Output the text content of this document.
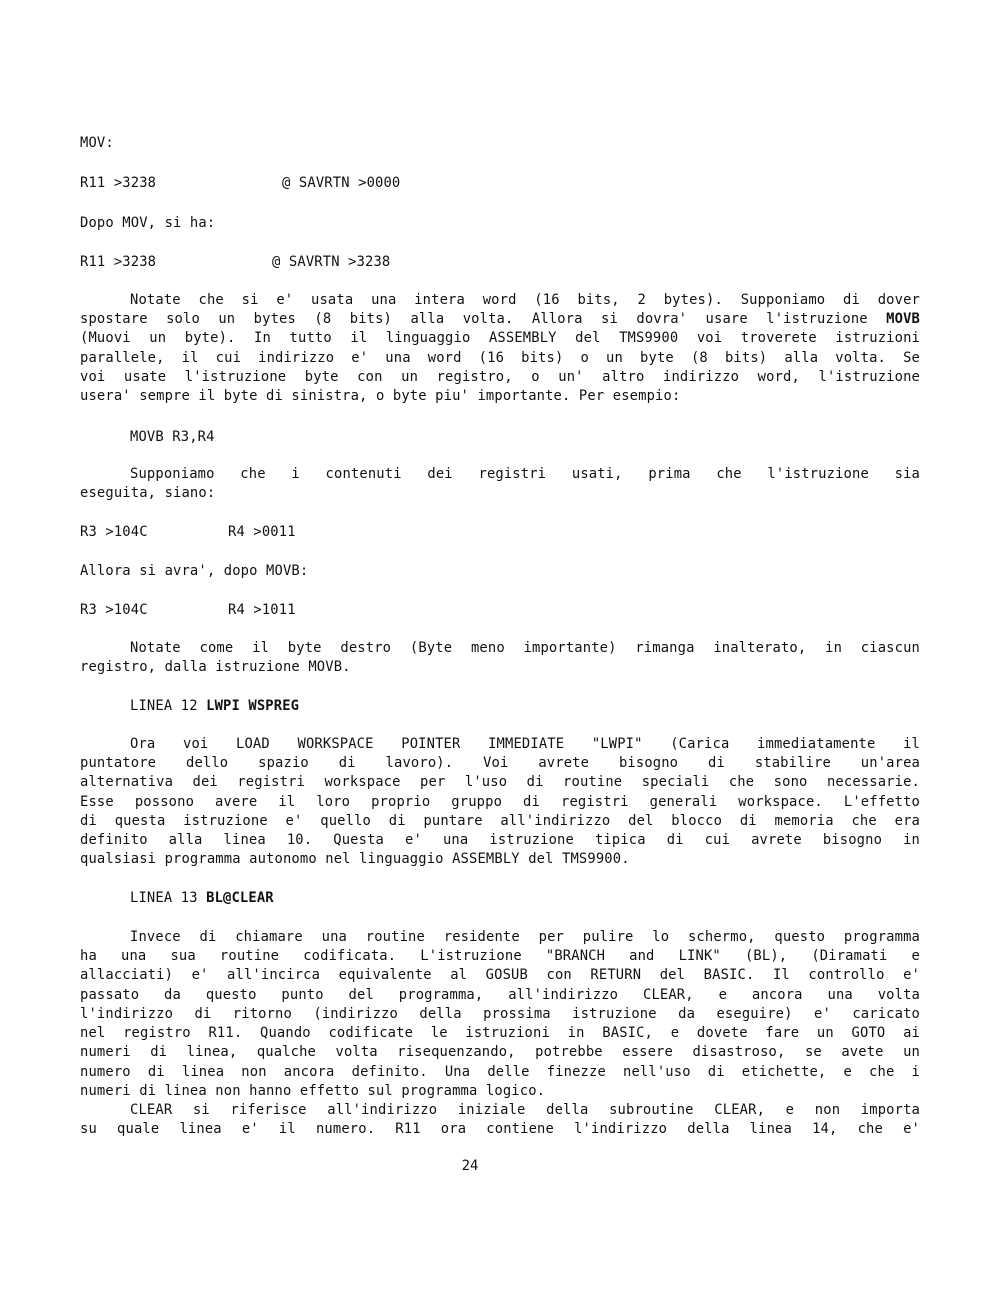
MOV:
R11 >3238	@ SAVRTN >0000
Dopo MOV, si ha:
R11 >3238	@ SAVRTN >3238
Notate che si e' usata una intera word (16 bits, 2 bytes). Supponiamo di dover
spostare solo un bytes (8 bits) alla volta. Allora si dovra' usare l'istruzione MOVB
(Muovi un byte). In tutto il linguaggio ASSEMBLY del TMS9900 voi troverete istruzioni
parallele, il cui indirizzo e' una word (16 bits) o un byte (8 bits) alla volta. Se
voi usate l'istruzione byte con un registro, o un' altro indirizzo word, l'istruzione
usera' sempre il byte di sinistra, o byte piu' importante. Per esempio:
MOVB R3,R4
Supponiamo che i contenuti dei registri usati, prima che l'istruzione sia
eseguita, siano:
R3 >104C	R4 >0011
Allora si avra', dopo MOVB:
R3 >104C	R4 >1011
Notate come il byte destro (Byte meno importante) rimanga inalterato, in ciascun
registro, dalla istruzione MOVB.
LINEA 12 LWPI WSPREG
Ora voi LOAD WORKSPACE POINTER IMMEDIATE "LWPI" (Carica immediatamente il
puntatore dello spazio di lavoro). Voi avrete bisogno di stabilire un'area
alternativa dei registri workspace per l'uso di routine speciali che sono necessarie.
Esse possono avere il loro proprio gruppo di registri generali workspace. L'effetto
di questa istruzione e' quello di puntare all'indirizzo del blocco di memoria che era
definito alla linea 10. Questa e' una istruzione tipica di cui avrete bisogno in
qualsiasi programma autonomo nel linguaggio ASSEMBLY del TMS9900.
LINEA 13 BL@CLEAR
Invece di chiamare una routine residente per pulire lo schermo, questo programma
ha una sua routine codificata. L'istruzione "BRANCH and LINK" (BL), (Diramati e
allacciati) e' all'incirca equivalente al GOSUB con RETURN del BASIC. Il controllo e'
passato da questo punto del programma, all'indirizzo CLEAR, e ancora una volta
l'indirizzo di ritorno (indirizzo della prossima istruzione da eseguire) e' caricato
nel registro R11. Quando codificate le istruzioni in BASIC, e dovete fare un GOTO ai
numeri di linea, qualche volta risequenzando, potrebbe essere disastroso, se avete un
numero di linea non ancora definito. Una delle finezze nell'uso di etichette, e che i
numeri di linea non hanno effetto sul programma logico.
CLEAR si riferisce all'indirizzo iniziale della subroutine CLEAR, e non importa
su quale linea e' il numero. R11 ora contiene l'indirizzo della linea 14, che e'
24
